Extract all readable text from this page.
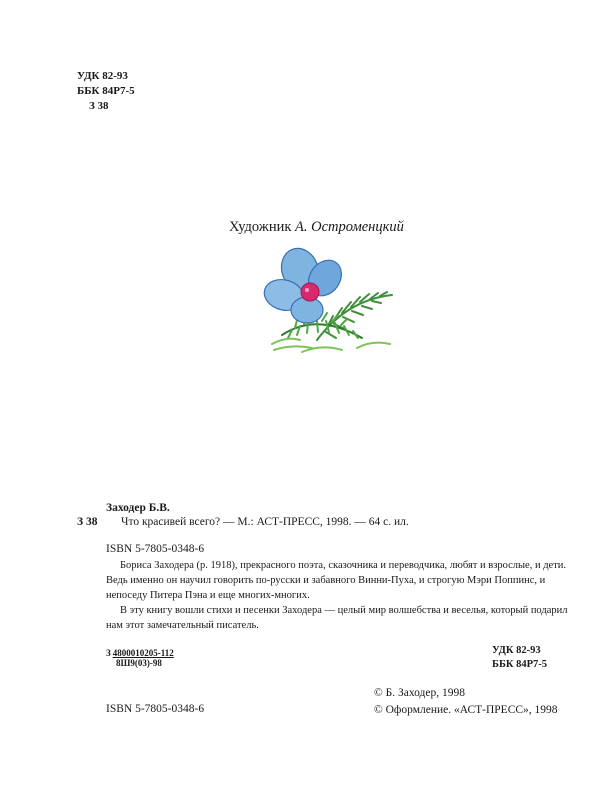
УДК 82-93
ББК 84Р7-5
З 38
Художник А. Остроменцкий
З 38
Заходер Б.В.
Что красивей всего? — М.: АСТ-ПРЕСС, 1998. — 64 с. ил.
ISBN 5-7805-0348-6

Бориса Заходера (р. 1918), прекрасного поэта, сказочника и переводчика, любят и взрослые, и дети. Ведь именно он научил говорить по-русски и забавного Винни-Пуха, и строгую Мэри Поппинс, и непоседу Питера Пэна и еще многих-многих.

В эту книгу вошли стихи и песенки Заходера — целый мир волшебства и веселья, который подарил нам этот замечательный писатель.

З 4800010205-112
8Ш9(03)-98
УДК 82-93
ББК 84Р7-5
© Б. Заходер, 1998
© Оформление. «АСТ-ПРЕСС», 1998
ISBN 5-7805-0348-6
